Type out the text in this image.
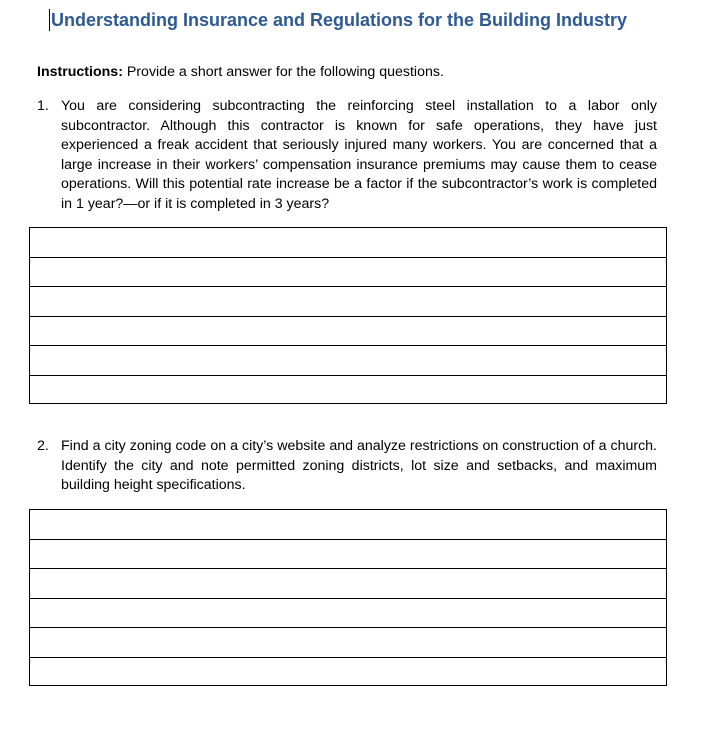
Understanding Insurance and Regulations for the Building Industry
Instructions: Provide a short answer for the following questions.
1. You are considering subcontracting the reinforcing steel installation to a labor only subcontractor. Although this contractor is known for safe operations, they have just experienced a freak accident that seriously injured many workers. You are concerned that a large increase in their workers’ compensation insurance premiums may cause them to cease operations. Will this potential rate increase be a factor if the subcontractor’s work is completed in 1 year?—or if it is completed in 3 years?
2. Find a city zoning code on a city’s website and analyze restrictions on construction of a church. Identify the city and note permitted zoning districts, lot size and setbacks, and maximum building height specifications.
